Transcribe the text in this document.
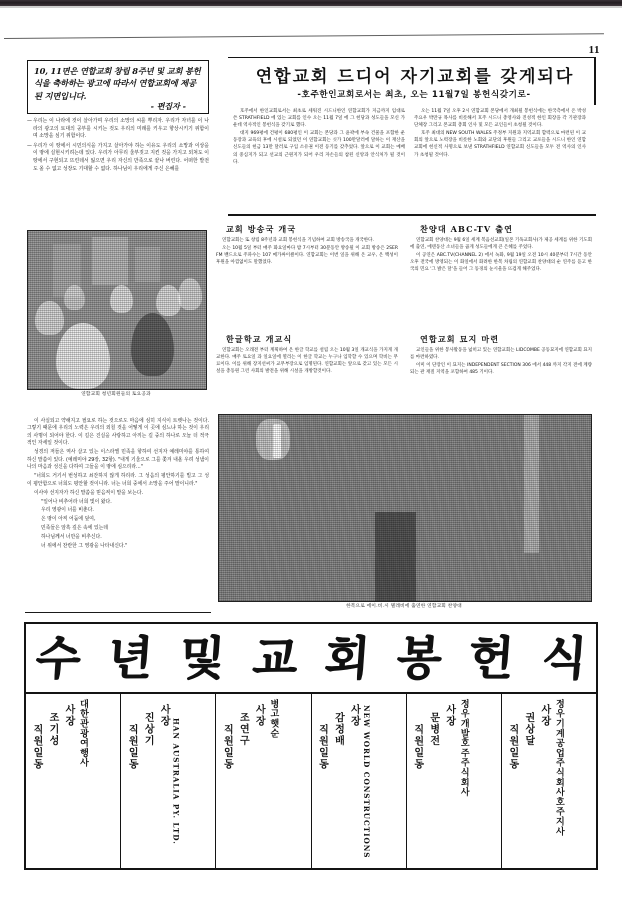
11
10, 11면은 연합교회 창립 8주년 및 교회 봉헌식을 축하하는 광고에 따라서 연합교회에 제공된 지면입니다.
- 편집자 -
— 우리는 이 나라에 것이 살아가며 우리의 소망의 씨를 뿌리자. 우리가 자녀를 이 나라의 광고의 토대의 공부를 시키는 것도 우리의 미래를 키우고 향상시키기 위함이며 소망을 심기 위함이다.
— 우리가 이 땅에서 시민의식을 가지고 살아가야 하는 이유도 우리의 소망과 이상을 이 땅에 실현시키려는데 있다. 우리가 아무리 울부짖고 지킨 것을 가지고 외쳐도 이 땅에서 구현되고 뜨린데서 잃으면 우리 자신의 만족으로 끝나 버린다. 어떠한 발전도 올 수 없고 성장도 기대할 수 없다. 하나님이 우리에게 주신 은혜를
연합교회 청년회원들의 토요공과

이 사실되고 약해지고 필요로 하는 것으로도 마음에 심히 지식이 트렛나는 것이다. 그렇기 때문에 우리의 노력은 우리의 외칠 것을 어떻게 이 곳에 심느냐 하는 것이 우리의 사명이 되어야 한다. 이 길은 진실을 사랑하고 아끼는 길 중의 하나로 오늘 더 적극적인 자세일 것이다.

성경의 저들은 역사 살고 있는 이스라엘 민족을 향하여 선지자 예레미야를 통하여 하신 말씀이 있다. (예레미야 29장, 32항). "내게 기울으로 그를 쫓겨 내올 우려 성냄이 나의 마음과 성신을 다하여 그들을 이 땅에 심으리라..."

"너희도 거기서 번성하고 쇠잔하지 않게 하리라. 그 성읍의 평안하기를 빌고 그 성이 평안함으로 너희도 평안할 것이니라. 너는 너희 중에서 소망을 주어 말이니라."

이사야 선지자가 하신 말씀을 믿음직이 말을 보는다.

"일어나 비추어라 너희 빛이 왔다.

우리 영광이 너를 비춘다.

온 땅이 아직 어둠에 덮여,

민족들은 암흑 깊은 속에 있는데

하나님께서 너만을 비추신다.

너 위에서 찬란한 그 영광을 나타내신다."

연합교회 드디어 자기교회를 갖게되다
-호주한인교회로서는 최초, 오는 11월7일 봉헌식갖기로-

호주에서 한인교회로서는 최초로 세워진 시드니한인 연합교회가 지금까지 임대로 쓴 STRATHFIELD 에 있는 교회를 인수 오는 11월 7일 에 그 헌당과 성도들을 모신 가운데 역사적인 봉헌식을 갖기로 했다.

대지 969평에 건평이 680평인 이 교회는 본당과 그 윤곽에 부속 건물을 포함한 운동장과 교육의 후에 시설로 되었던 이 연합교회는 싯가 100만달러에 달하는 이 재산을 신도들의 헌금 13만 달러로 구입 소유권 이전 등기를 갖추었다. 앞으로 이 교회는 예배의 중심지가 되고 선교의 근원지가 되어 우리 자손들의 참된 신앙과 안식처가 될 것이다.

오는 11월 7일 오후 2시 연합교회 본당에서 개최될 봉헌식에는 한국측에서 온 박성 주요우 박만규 목사를 비롯해서 호주 시드니 총영사와 진성적 한인 회장을 각 기관장과 단체장 그리고 본교회 총회 인사 및 모든 교인들이 초청될 것이다.

호주 최대의 NEW SOUTH WALES 주정부 지원과 지역교회 합력으로 마련된 이 교회의 앞으로 노력장을 비롯한 노회와 교단의 후원들 그리고 교포들을 시드니 한인 연합교회에 헌신적 사명으로 보낸 STRATHFIELD 연합교회 신도들을 모두 전 역사의 인사가 초청될 것이다.

교회 방송국 개국

연합교회는 또 창립 8주년과 교회 봉헌식을 기념하여 교회 방송국을 개국한다.

오는 10월 5일 부터 매주 화요일마다 밤 7시부터 30분동안 방송될 이 교회 방송은 2SER FM 밴드으로 주파수는 107 메가싸이클이다. 연합교회는 이번 일을 위해 온 교우, 온 백성이 후원을 아낌없이도 말했었다.

찬양대 ABC-TV 출연

연합교회 찬양대는 9월 6일 세계 복음선교회(일본 기독교회사)가 제공 세계를 위한 기도회에 출연, 에덴동산 소녀들을 곱게 성도들에게 큰 은혜를 주었다.

이 공연은 ABC.TV(CHANNEL 2) 에서 녹화, 9월 19일 오전 10시 40분부터 7시간 동안 오후 전국에 방영되는 이 화일에서 화려한 한복 차림의 연합교회 찬양대의 순 연주를 듣고 한국의 민요 '그 밝은 달'을 들어 그 동경의 눈시울을 뜨겁게 해주었다.

한글학교 개교식

연합교회는 오래전 부터 계획하여 온 한글 학교를 설립 오는 10월 3일 개교식을 가지게 개교한다. 매주 토요일 과 일요일에 열리는 이 한글 학교는 누구나 입학할 수 있으며 학비는 무료이다. 이를 위해 장지선씨가 교무부장으로 임명된다. 연합교회는 앞으로 갖고 있는 모든 시설을 총동원 그런 사회의 발전을 위해 시설을 개방할것이다.

연합교회 묘지 마련

교인들을 위한 봉사활동을 넓히고 있는 연합교회는 LIDCOMBE 공동묘지에 연합교회 묘지를 마련하였다.

이미 이 단장인 이 묘지는 INDEPENDENT SECTION 306 에서 448 까지 각지 전에 계량되는 관 재질 지역을 포함하여 485 기이다.

한복으로 에이.비.시 텔레비에 출연한 연합교회 찬양대
수 년 및 교 회 봉 헌 식
대한관광여행사
사장
조기성
직원일동	HAN AUSTRALIA PY. LTD.
사장
진상기
직원일동
병고햇순
사장
조연구
직원일동	NEW WORLD CONSTRUCTIONS
사장
감정배
직원일동	정우개발호주주식회사
사장
문병전
직원일동	정우기계공업주식회사호주지사
사장
권상달
직원일동
